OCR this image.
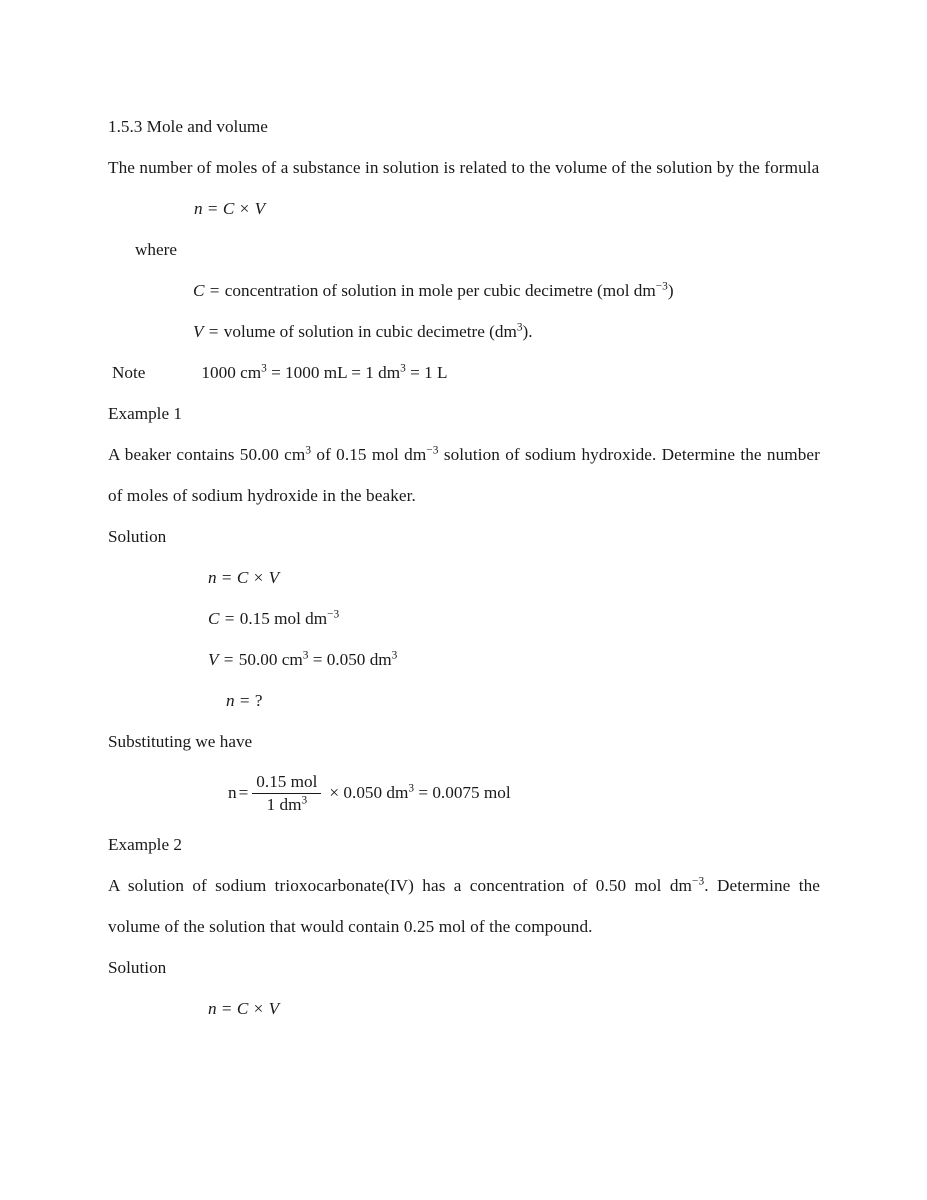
1.5.3 Mole and volume

The number of moles of a substance in solution is related to the volume of the solution by the formula

n = C × V
where
C = concentration of solution in mole per cubic decimetre (mol $dm^{-3}$)
V = volume of solution in cubic decimetre $(dm^3)$.
Note	1000 $cm^3 = 1000$ mL = 1 $dm^3 = 1$ L

Example 1

A beaker contains 50.00 $cm^3$ of 0.15 mol $dm^{-3}$ solution of sodium hydroxide. Determine the number of moles of sodium hydroxide in the beaker.

Solution

n = C × V
C = 0.15 mol $dm^{-3}$
V = 50.00 $cm^3 = 0.050$ $dm^3$
n = ?

Substituting we have

$n = \frac{\text{0.15 mol}}{1 dm^3} \times 0.050$ $dm^3 = 0.0075$ mol

Example 2

A solution of sodium trioxocarbonate(IV) has a concentration of 0.50 mol $dm^{-3}$. Determine the volume of the solution that would contain 0.25 mol of the compound.

Solution

n = C × V
